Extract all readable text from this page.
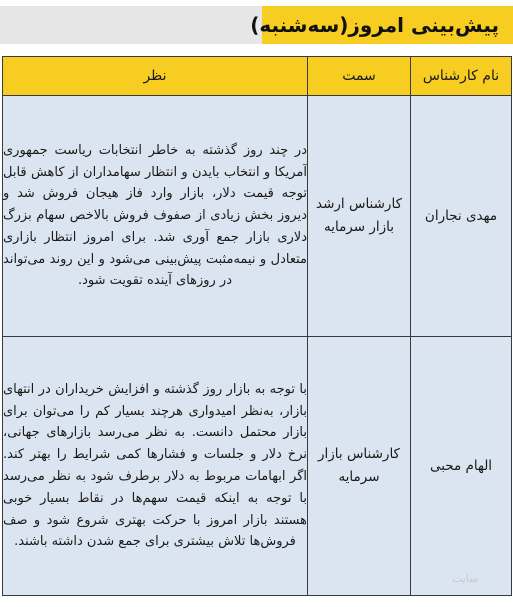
پیش‌بینی امروز(سه‌شنبه)
نام کارشناس	سمت	نظر
مهدی نجاران	کارشناس ارشد بازار سرمایه	در چند روز گذشته به خاطر انتخابات ریاست جمهوری آمریکا و انتخاب بایدن و انتظار سهامداران از کاهش قابل توجه قیمت دلار، بازار وارد فاز هیجان فروش شد و دیروز بخش زیادی از صفوف فروش بالاخص سهام بزرگ دلاری بازار جمع آوری شد. برای امروز انتظار بازاری متعادل و نیمه‌مثبت پیش‌بینی می‌شود و این روند می‌تواند در روزهای آینده تقویت شود.
الهام محبی	کارشناس بازار سرمایه	با توجه به بازار روز گذشته و افزایش خریداران در انتهای بازار، به‌نظر امیدواری هرچند بسیار کم را می‌توان برای بازار محتمل دانست. به نظر می‌رسد بازارهای جهانی، نرخ دلار و جلسات و فشارها کمی شرایط را بهتر کند. اگر ابهامات مربوط به دلار برطرف شود به نظر می‌رسد با توجه به اینکه قیمت سهم‌ها در نقاط بسیار خوبی هستند بازار امروز با حرکت بهتری شروع شود و صف فروش‌ها تلاش بیشتری برای جمع شدن داشته باشند.
سایت
